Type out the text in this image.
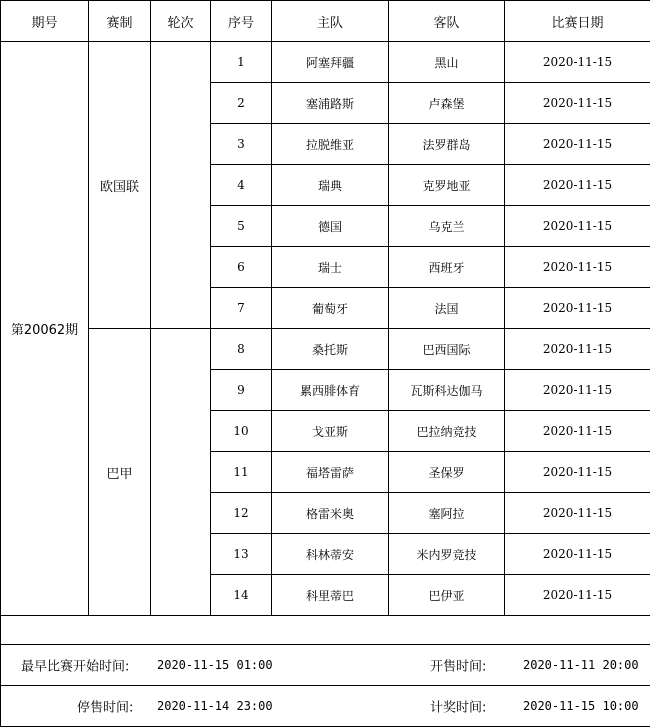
期号	赛制	轮次	序号	主队	客队	比赛日期
第20062期	欧国联		1	阿塞拜疆	黑山	2020-11-15
			2	塞浦路斯	卢森堡	2020-11-15
			3	拉脱维亚	法罗群岛	2020-11-15
			4	瑞典	克罗地亚	2020-11-15
			5	德国	乌克兰	2020-11-15
			6	瑞士	西班牙	2020-11-15
			7	葡萄牙	法国	2020-11-15
	巴甲		8	桑托斯	巴西国际	2020-11-15
			9	累西腓体育	瓦斯科达伽马	2020-11-15
			10	戈亚斯	巴拉纳竞技	2020-11-15
			11	福塔雷萨	圣保罗	2020-11-15
			12	格雷米奥	塞阿拉	2020-11-15
			13	科林蒂安	米内罗竞技	2020-11-15
			14	科里蒂巴	巴伊亚	2020-11-15

最早比赛开始时间: 2020-11-15 01:00 开售时间: 2020-11-11 20:00						

停售时间: 2020-11-14 23:00 计奖时间: 2020-11-15 10:00						
